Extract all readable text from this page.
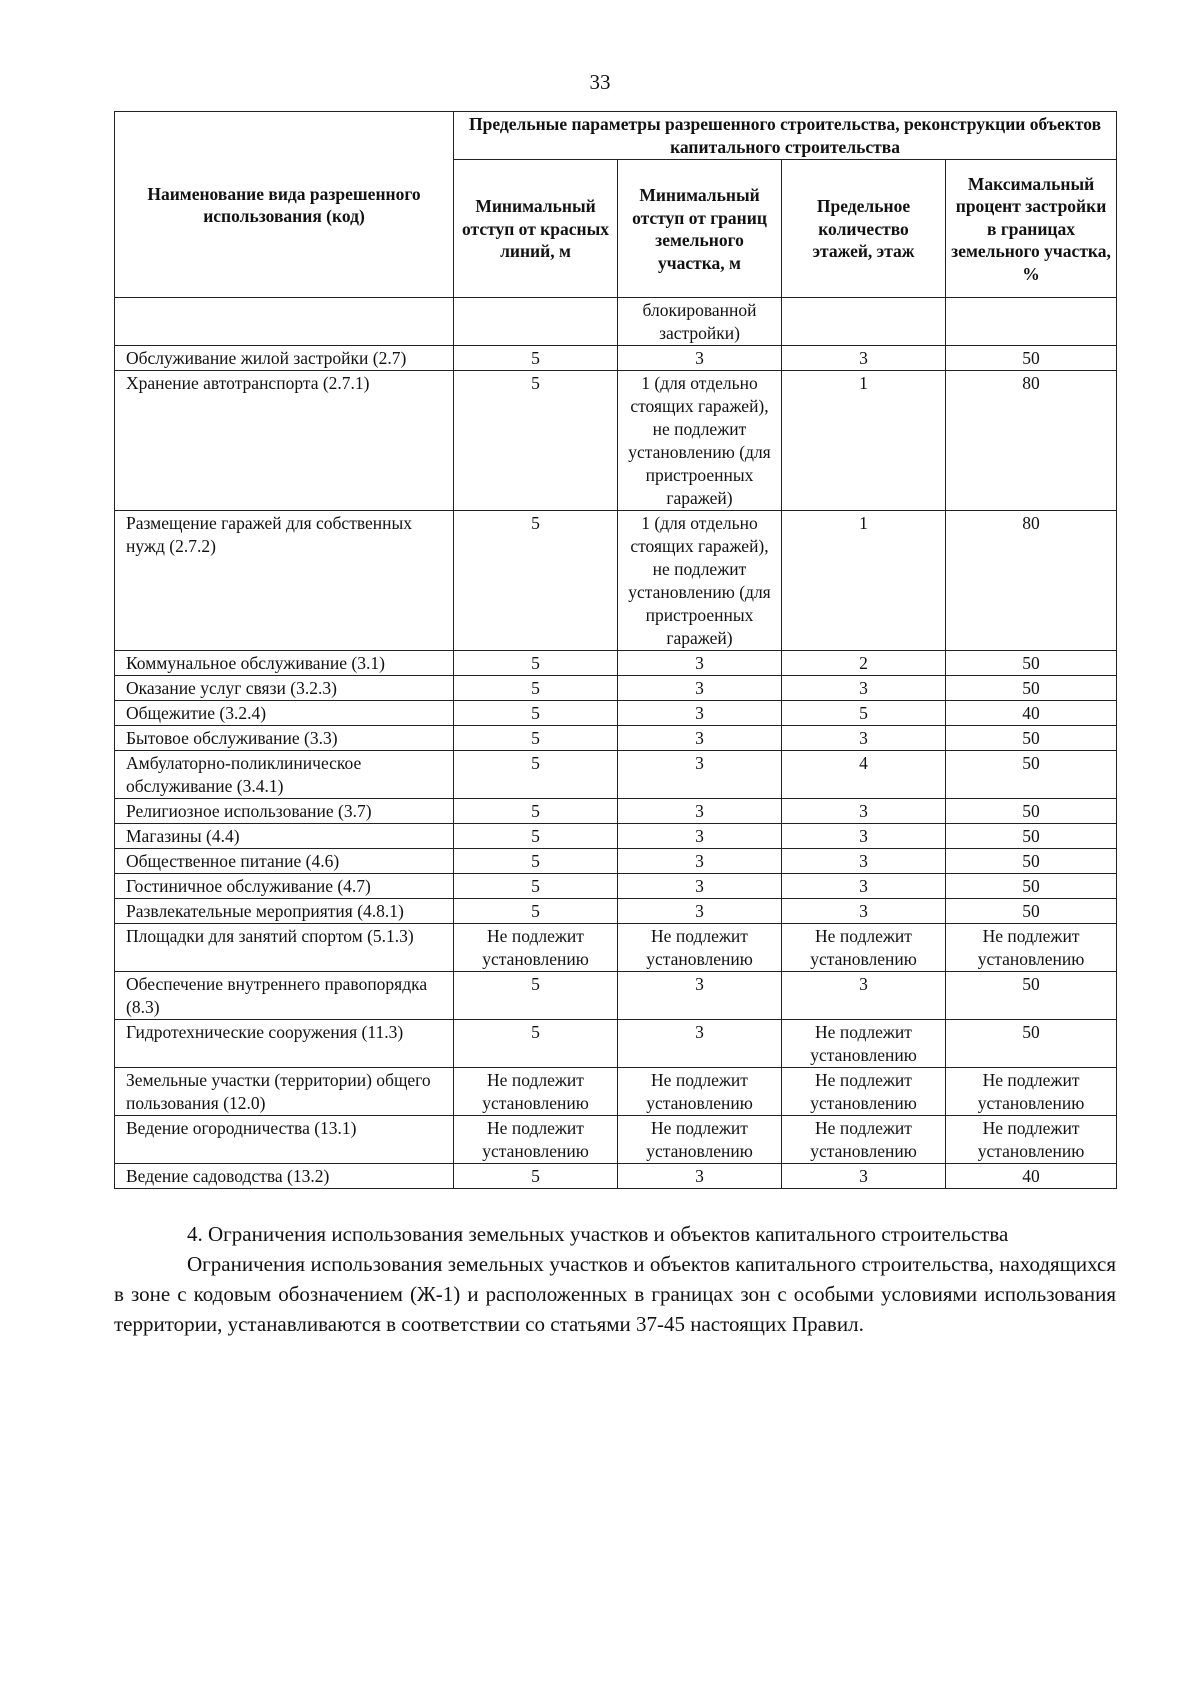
33
Наименование вида разрешенного использования (код)	Предельные параметры разрешенного строительства, реконструкции объектов капитального строительства			
	Минимальный отступ от красных линий, м	Минимальный отступ от границ земельного участка, м	Предельное количество этажей, этаж	Максимальный процент застройки в границах земельного участка, %
		блокированной застройки)		
Обслуживание жилой застройки (2.7)	5	3	3	50
Хранение автотранспорта (2.7.1)	5	1 (для отдельно стоящих гаражей), не подлежит установлению (для пристроенных гаражей)	1	80
Размещение гаражей для собственных нужд (2.7.2)	5	1 (для отдельно стоящих гаражей), не подлежит установлению (для пристроенных гаражей)	1	80
Коммунальное обслуживание (3.1)	5	3	2	50
Оказание услуг связи (3.2.3)	5	3	3	50
Общежитие (3.2.4)	5	3	5	40
Бытовое обслуживание (3.3)	5	3	3	50
Амбулаторно-поликлиническое обслуживание (3.4.1)	5	3	4	50
Религиозное использование (3.7)	5	3	3	50
Магазины (4.4)	5	3	3	50
Общественное питание (4.6)	5	3	3	50
Гостиничное обслуживание (4.7)	5	3	3	50
Развлекательные мероприятия (4.8.1)	5	3	3	50
Площадки для занятий спортом (5.1.3)	Не подлежит установлению	Не подлежит установлению	Не подлежит установлению	Не подлежит установлению
Обеспечение внутреннего правопорядка (8.3)	5	3	3	50
Гидротехнические сооружения (11.3)	5	3	Не подлежит установлению	50
Земельные участки (территории) общего пользования (12.0)	Не подлежит установлению	Не подлежит установлению	Не подлежит установлению	Не подлежит установлению
Ведение огородничества (13.1)	Не подлежит установлению	Не подлежит установлению	Не подлежит установлению	Не подлежит установлению
Ведение садоводства (13.2)	5	3	3	40

4. Ограничения использования земельных участков и объектов капитального строительства

Ограничения использования земельных участков и объектов капитального строительства, находящихся в зоне с кодовым обозначением (Ж-1) и расположенных в границах зон с особыми условиями использования территории, устанавливаются в соответствии со статьями 37-45 настоящих Правил.
